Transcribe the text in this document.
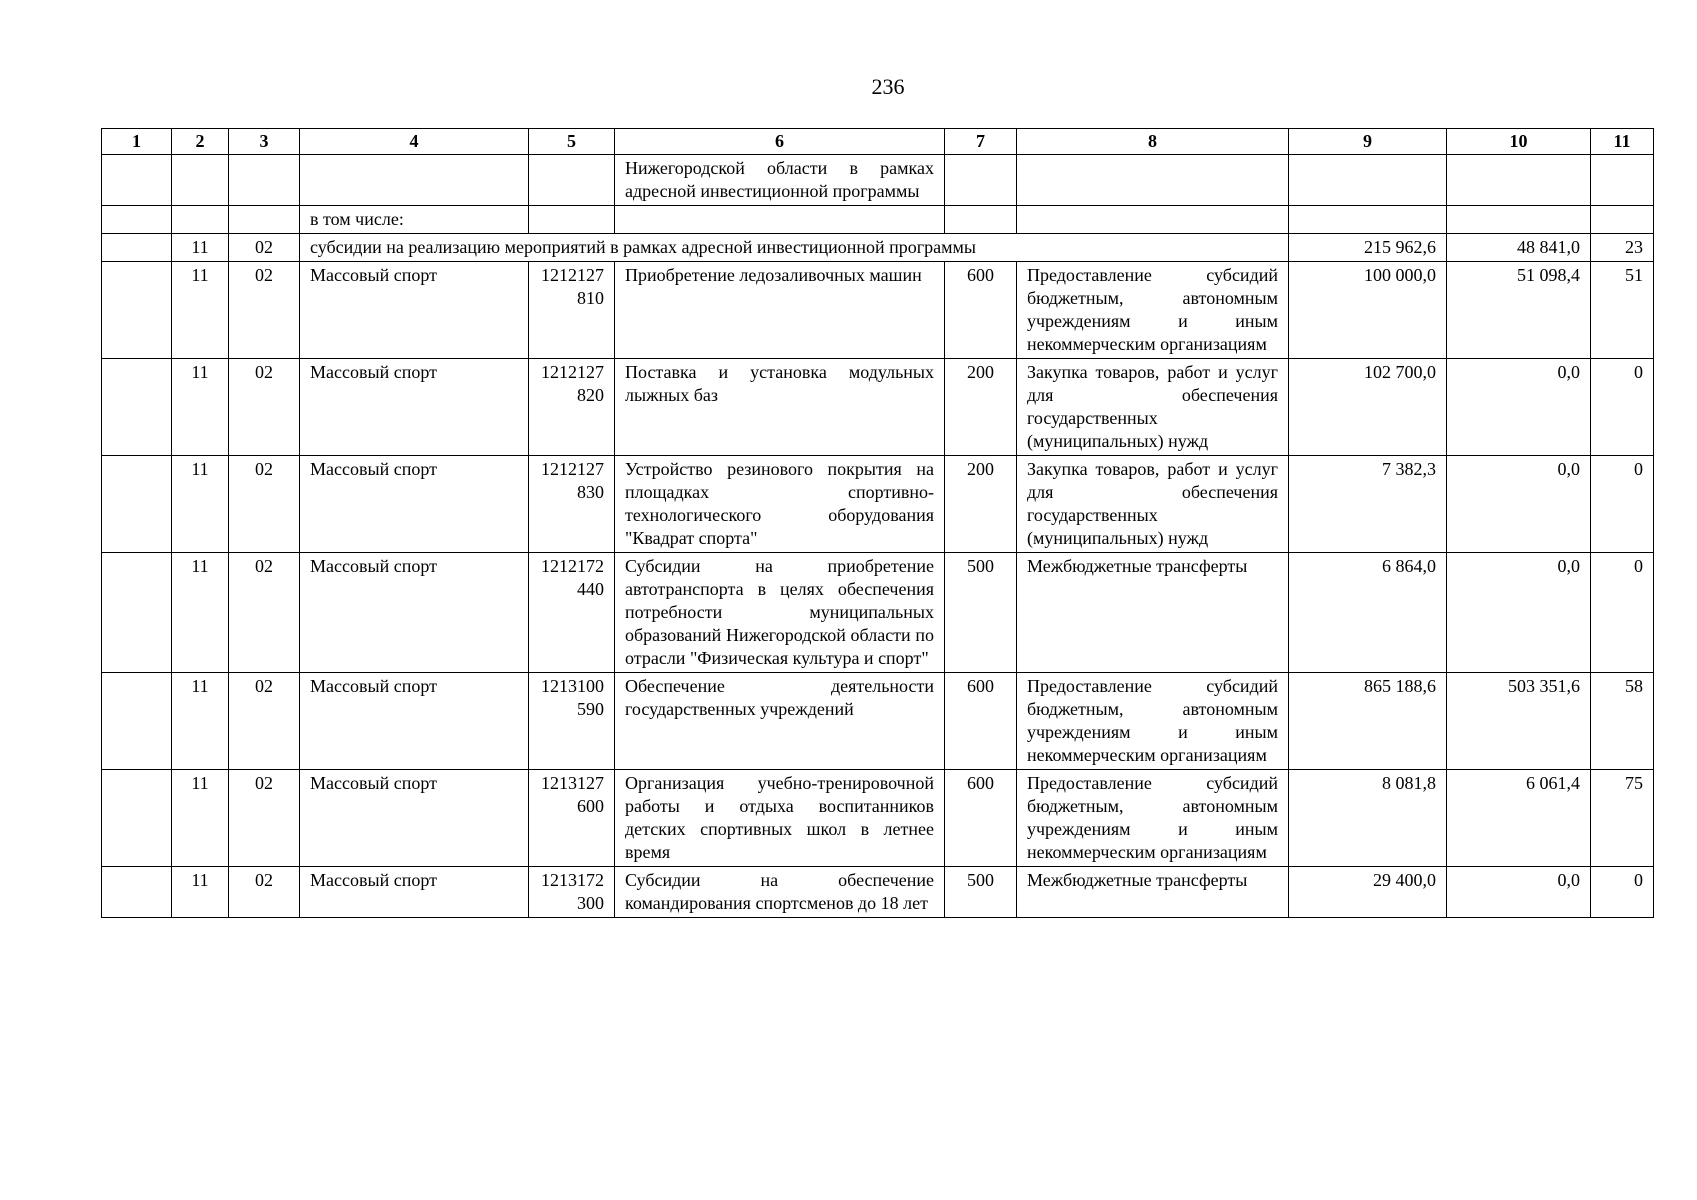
236
1	2	3	4	5	6	7	8	9	10	11
					Нижегородской области в рамках адресной инвестиционной программы					
			в том числе:							
	11	02	субсидии на реализацию мероприятий в рамках адресной инвестиционной программы					215 962,6	48 841,0	23
	11	02	Массовый спорт	1212127810	Приобретение ледозаливочных машин	600	Предоставление субсидий бюджетным, автономным учреждениям и иным некоммерческим организациям	100 000,0	51 098,4	51
	11	02	Массовый спорт	1212127820	Поставка и установка модульных лыжных баз	200	Закупка товаров, работ и услуг для обеспечения государственных (муниципальных) нужд	102 700,0	0,0	0
	11	02	Массовый спорт	1212127830	Устройство резинового покрытия на площадках спортивно-технологического оборудования "Квадрат спорта"	200	Закупка товаров, работ и услуг для обеспечения государственных (муниципальных) нужд	7 382,3	0,0	0
	11	02	Массовый спорт	1212172440	Субсидии на приобретение автотранспорта в целях обеспечения потребности муниципальных образований Нижегородской области по отрасли "Физическая культура и спорт"	500	Межбюджетные трансферты	6 864,0	0,0	0
	11	02	Массовый спорт	1213100590	Обеспечение деятельности государственных учреждений	600	Предоставление субсидий бюджетным, автономным учреждениям и иным некоммерческим организациям	865 188,6	503 351,6	58
	11	02	Массовый спорт	1213127600	Организация учебно-тренировочной работы и отдыха воспитанников детских спортивных школ в летнее время	600	Предоставление субсидий бюджетным, автономным учреждениям и иным некоммерческим организациям	8 081,8	6 061,4	75
	11	02	Массовый спорт	1213172300	Субсидии на обеспечение командирования спортсменов до 18 лет	500	Межбюджетные трансферты	29 400,0	0,0	0
